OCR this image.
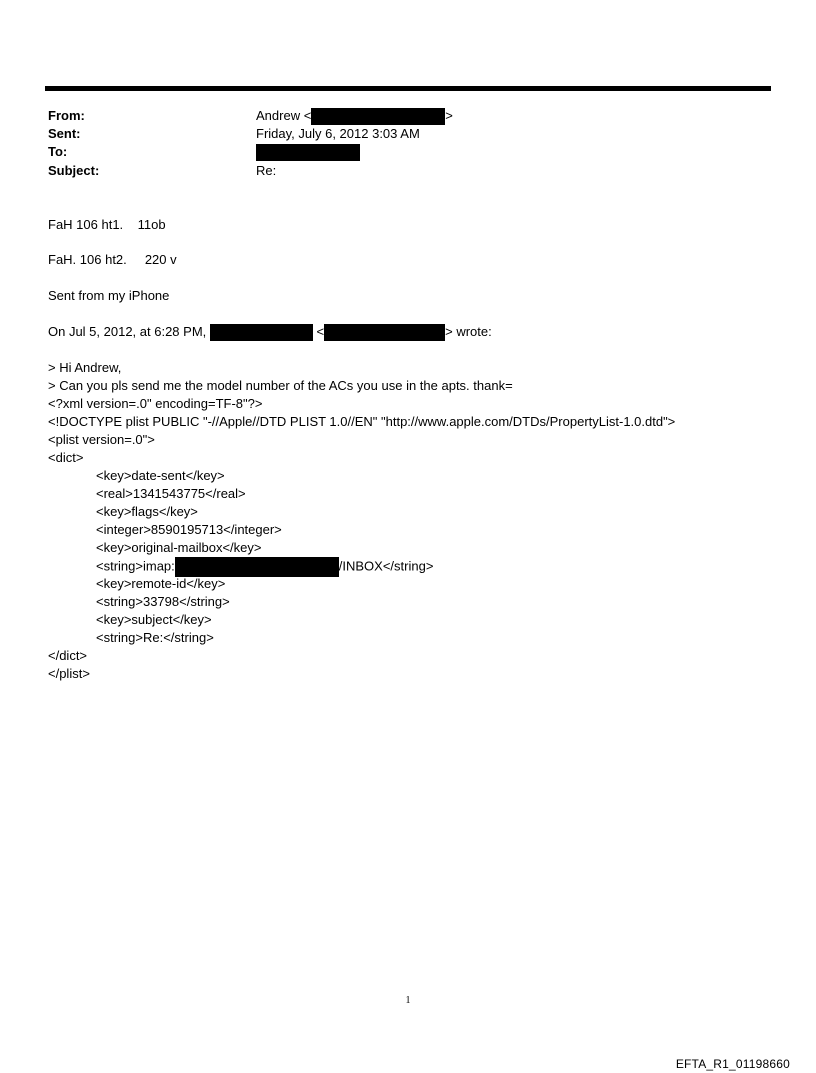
From:	Andrew <	>
Sent:	Friday, July 6, 2012 3:03 AM
To:
Subject:	Re:
FaH 106 ht1.    11ob
FaH. 106 ht2.     220 v
Sent from my iPhone
On Jul 5, 2012, at 6:28 PM,	<	> wrote:
> Hi Andrew,
> Can you pls send me the model number of the ACs you use in the apts. thank=
<?xml version=.0" encoding=TF-8"?>
<!DOCTYPE plist PUBLIC "-//Apple//DTD PLIST 1.0//EN" "http://www.apple.com/DTDs/PropertyList-1.0.dtd">
<plist version=.0">
<dict>
<key>date-sent</key>
<real>1341543775</real>
<key>flags</key>
<integer>8590195713</integer>
<key>original-mailbox</key>
<string>imap:	/INBOX</string>
<key>remote-id</key>
<string>33798</string>
<key>subject</key>
<string>Re:</string>
</dict>
</plist>
1
EFTA_R1_01198660
